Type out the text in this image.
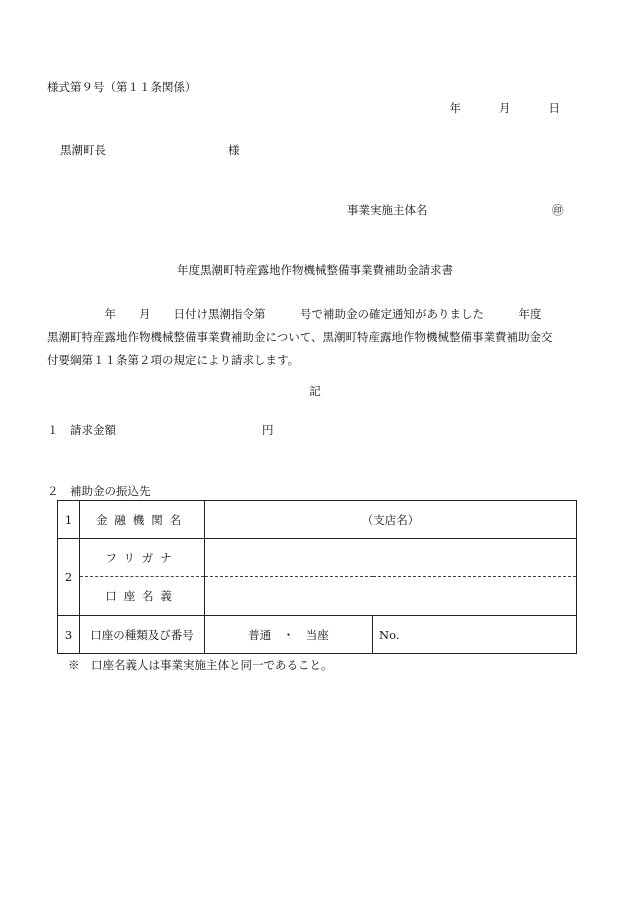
様式第９号（第１１条関係）
年	月	日
黒潮町長	様
事業実施主体名	㊞
年度黒潮町特産露地作物機械整備事業費補助金請求書
　　　　　年　　月　　日付け黒潮指令第　　　号で補助金の確定通知がありました　　　年度
黒潮町特産露地作物機械整備事業費補助金について、黒潮町特産露地作物機械整備事業費補助金交
付要綱第１１条第２項の規定により請求します。
記
１　請求金額	円
２　補助金の振込先
1	金融機関名	（支店名）	
2	フリガナ		
	口座名義		
3	口座の種類及び番号	普通　・　当座	No.
※　口座名義人は事業実施主体と同一であること。
